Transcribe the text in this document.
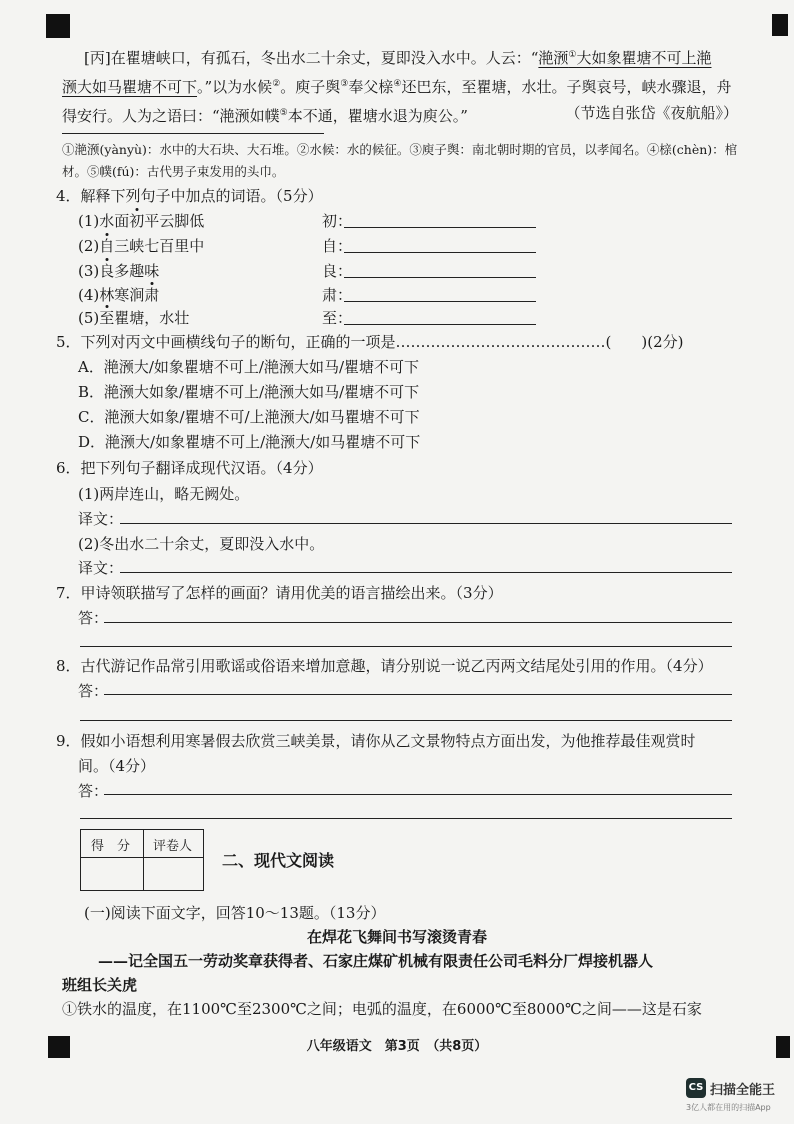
[丙]在瞿塘峡口，有孤石，冬出水二十余丈，夏即没入水中。人云：“滟滪①大如象瞿塘不可上滟
滪大如马瞿塘不可下。”以为水候②。庾子舆③奉父榇④还巴东，至瞿塘，水壮。子舆哀号，峡水骤退，舟
得安行。人为之语曰：“滟滪如幞⑤本不通，瞿塘水退为庾公。”	（节选自张岱《夜航船》）
①滟滪(yànyù)：水中的大石块、大石堆。②水候：水的候征。③庾子舆：南北朝时期的官员，以孝闻名。④榇(chèn)：棺
材。⑤幞(fú)：古代男子束发用的头巾。
4．解释下列句子中加点的词语。（5分）
(1)水面初平云脚低	初：
(2)自三峡七百里中	自：
(3)良多趣味	良：
(4)林寒涧肃	肃：
(5)至瞿塘，水壮	至：
5．下列对丙文中画横线句子的断句，正确的一项是……………………………………(　　)(2分)
A．滟滪大/如象瞿塘不可上/滟滪大如马/瞿塘不可下
B．滟滪大如象/瞿塘不可上/滟滪大如马/瞿塘不可下
C．滟滪大如象/瞿塘不可/上滟滪大/如马瞿塘不可下
D．滟滪大/如象瞿塘不可上/滟滪大/如马瞿塘不可下
6．把下列句子翻译成现代汉语。（4分）
(1)两岸连山，略无阙处。
译文：
(2)冬出水二十余丈，夏即没入水中。
译文：
7．甲诗领联描写了怎样的画面？请用优美的语言描绘出来。（3分）
答：
8．古代游记作品常引用歌谣或俗语来增加意趣，请分别说一说乙丙两文结尾处引用的作用。（4分）
答：
9．假如小语想利用寒暑假去欣赏三峡美景，请你从乙文景物特点方面出发，为他推荐最佳观赏时
间。（4分）
答：
得　分 评卷人
二、现代文阅读
(一)阅读下面文字，回答10～13题。（13分）
在焊花飞舞间书写滚烫青春
——记全国五一劳动奖章获得者、石家庄煤矿机械有限责任公司毛料分厂焊接机器人
班组长关虎
①铁水的温度，在1100℃至2300℃之间；电弧的温度，在6000℃至8000℃之间——这是石家
八年级语文　第3页　（共8页）
CS 扫描全能王
3亿人都在用的扫描App
